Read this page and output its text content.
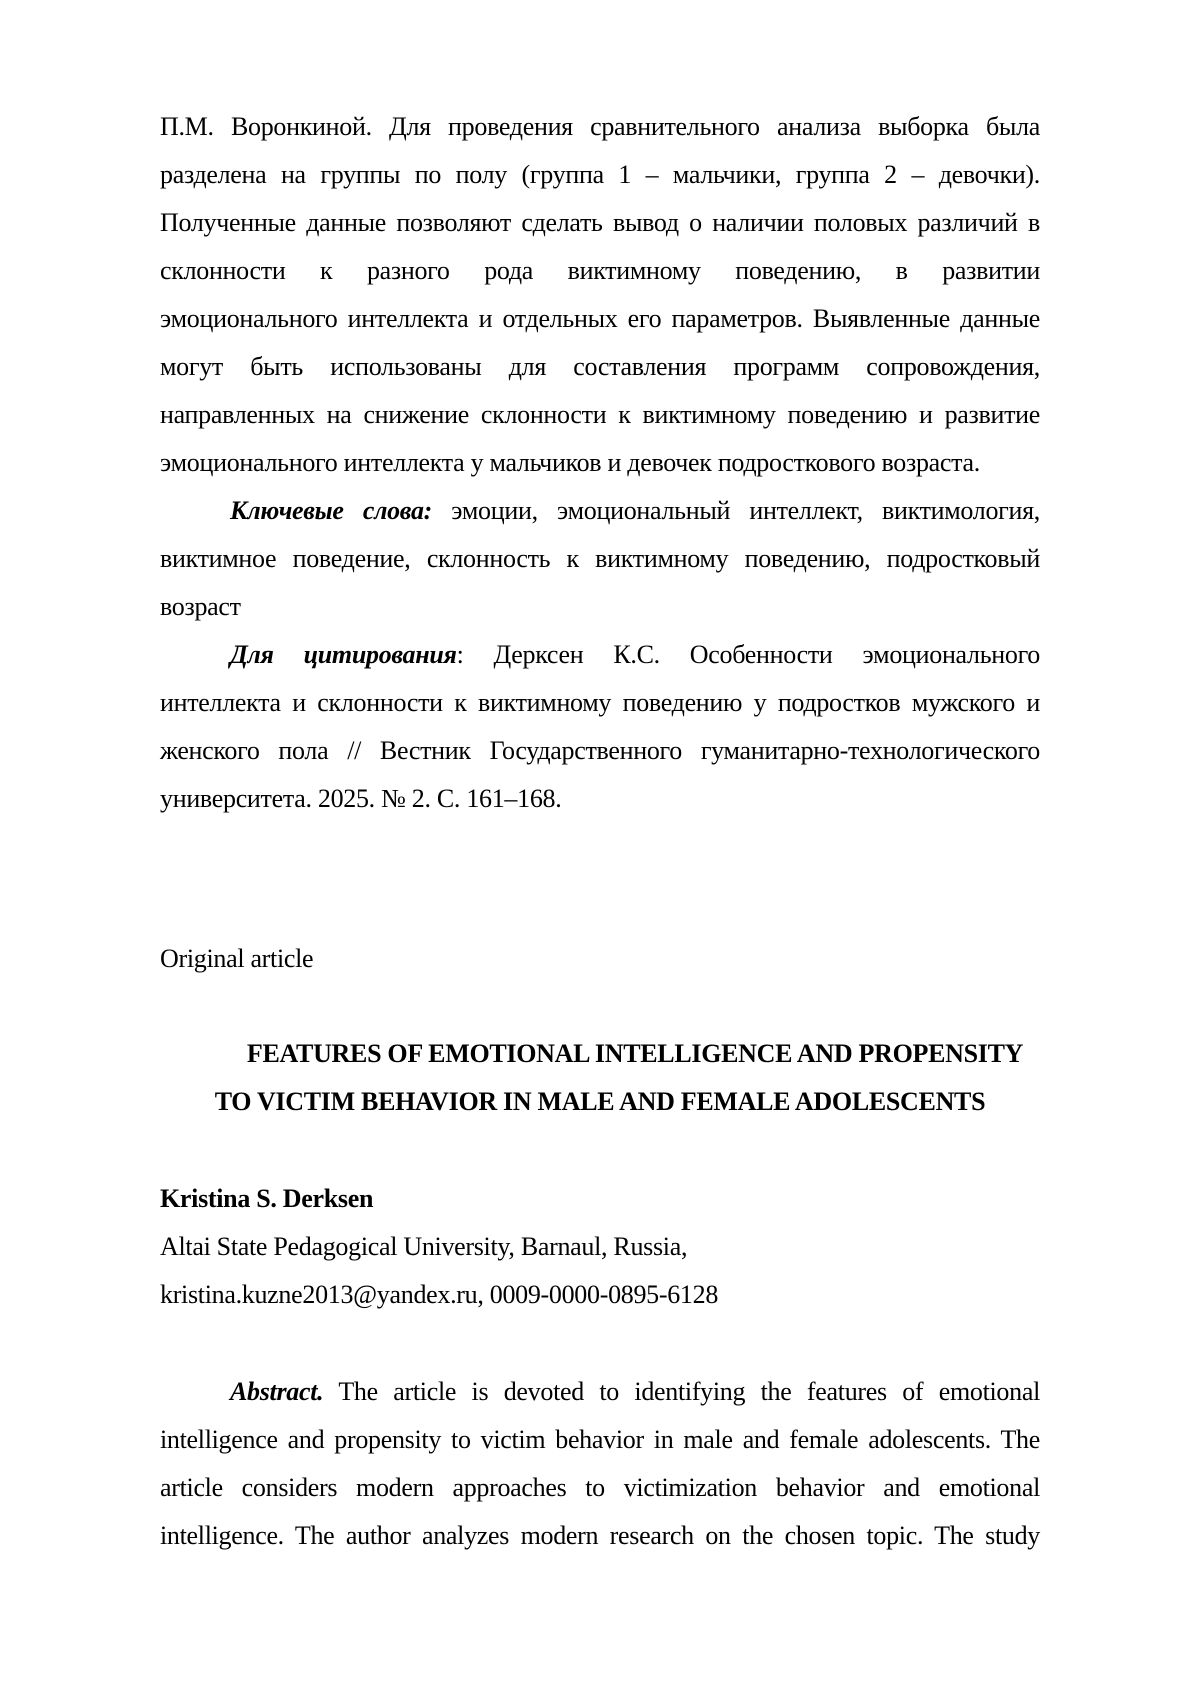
П.М. Воронкиной. Для проведения сравнительного анализа выборка была
разделена на группы по полу (группа 1 – мальчики, группа 2 – девочки).
Полученные данные позволяют сделать вывод о наличии половых различий в
склонности к разного рода виктимному поведению, в развитии
эмоционального интеллекта и отдельных его параметров. Выявленные данные
могут быть использованы для составления программ сопровождения,
направленных на снижение склонности к виктимному поведению и развитие
эмоционального интеллекта у мальчиков и девочек подросткового возраста.
Ключевые слова: эмоции, эмоциональный интеллект, виктимология,
виктимное поведение, склонность к виктимному поведению, подростковый
возраст
Для цитирования: Дерксен К.С. Особенности эмоционального
интеллекта и склонности к виктимному поведению у подростков мужского и
женского пола // Вестник Государственного гуманитарно-технологического
университета. 2025. № 2. С. 161–168.
Original article
FEATURES OF EMOTIONAL INTELLIGENCE AND PROPENSITY
TO VICTIM BEHAVIOR IN MALE AND FEMALE ADOLESCENTS
Kristina S. Derksen
Altai State Pedagogical University, Barnaul, Russia,
kristina.kuzne2013@yandex.ru, 0009-0000-0895-6128
Abstract. The article is devoted to identifying the features of emotional
intelligence and propensity to victim behavior in male and female adolescents. The
article considers modern approaches to victimization behavior and emotional
intelligence. The author analyzes modern research on the chosen topic. The study
